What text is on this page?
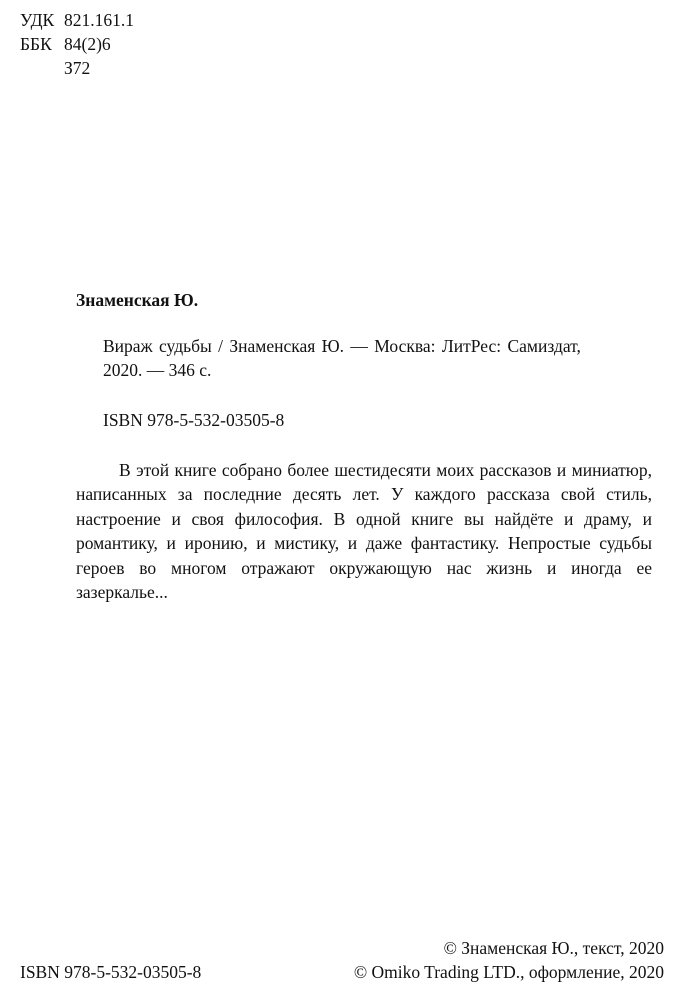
УДК 821.161.1
ББК 84(2)6
З72
Знаменская Ю.
Вираж судьбы / Знаменская Ю. — Москва: ЛитРес: Самиздат,
2020. — 346 с.
ISBN 978-5-532-03505-8
В этой книге собрано более шестидесяти моих рассказов и миниатюр, написанных за последние десять лет. У каждого рассказа свой стиль, настроение и своя философия. В одной книге вы найдёте и драму, и романтику, и иронию, и мистику, и даже фантастику. Непростые судьбы героев во многом отражают окружающую нас жизнь и иногда ее зазеркалье...
ISBN 978-5-532-03505-8
© Знаменская Ю., текст, 2020
© Omiko Trading LTD., оформление, 2020
